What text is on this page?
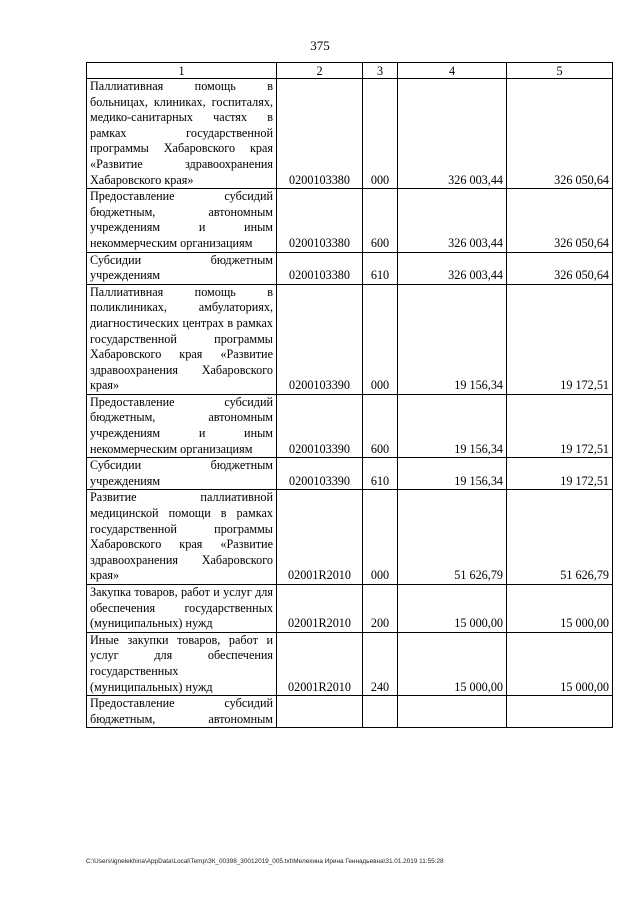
375
1	2	3	4	5
Паллиативная помощь в больницах, клиниках, госпиталях, медико-санитарных частях в рамках государственной программы Хабаровского края «Развитие здравоохранения Хабаровского края»	0200103380	000	326 003,44	326 050,64
Предоставление субсидий бюджетным, автономным учреждениям и иным некоммерческим организациям	0200103380	600	326 003,44	326 050,64
Субсидии бюджетным учреждениям	0200103380	610	326 003,44	326 050,64
Паллиативная помощь в поликлиниках, амбулаториях, диагностических центрах в рамках государственной программы Хабаровского края «Развитие здравоохранения Хабаровского края»	0200103390	000	19 156,34	19 172,51
Предоставление субсидий бюджетным, автономным учреждениям и иным некоммерческим организациям	0200103390	600	19 156,34	19 172,51
Субсидии бюджетным учреждениям	0200103390	610	19 156,34	19 172,51
Развитие паллиативной медицинской помощи в рамках государственной программы Хабаровского края «Развитие здравоохранения Хабаровского края»	02001R2010	000	51 626,79	51 626,79
Закупка товаров, работ и услуг для обеспечения государственных (муниципальных) нужд	02001R2010	200	15 000,00	15 000,00
Иные закупки товаров, работ и услуг для обеспечения государственных (муниципальных) нужд	02001R2010	240	15 000,00	15 000,00
Предоставление субсидий бюджетным, автономным				
C:\Users\ignelekhina\AppData\Local\Temp\ЗК_00398_30012019_005.txt\Мелехина Ирина Геннадьевна\31.01.2019 11:55:28
